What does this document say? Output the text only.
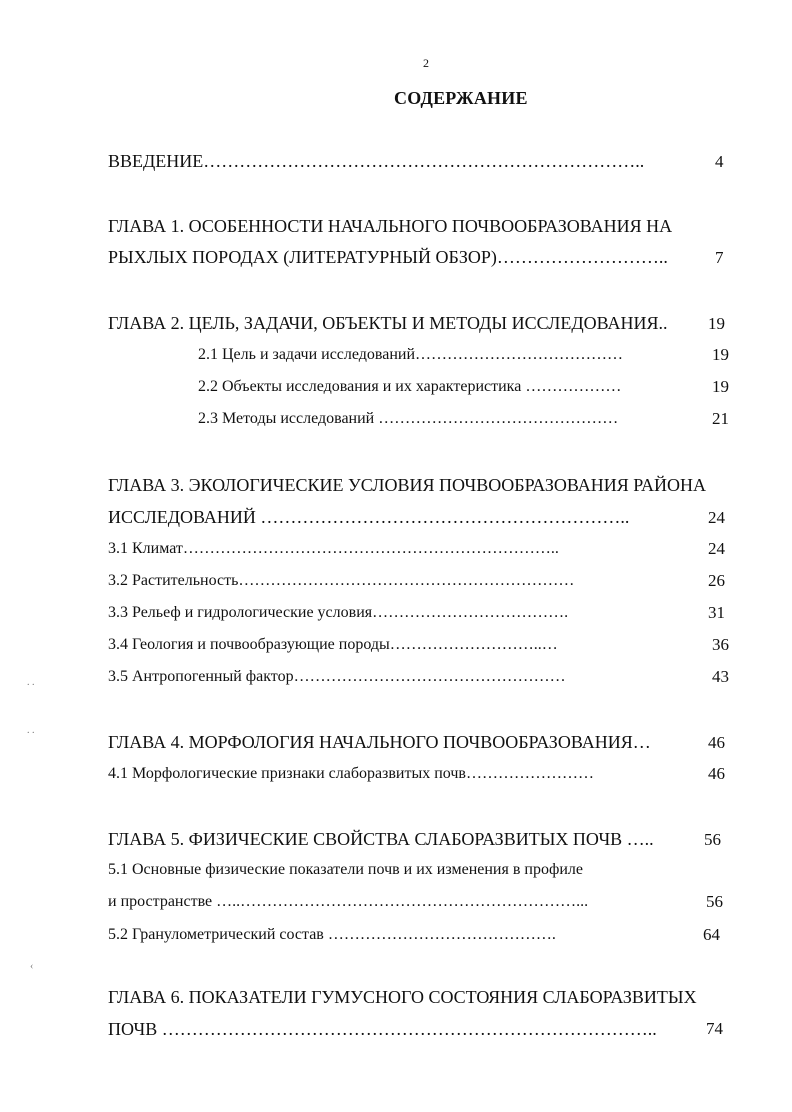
2
СОДЕРЖАНИЕ
ВВЕДЕНИЕ………………………………………………………………..	4
ГЛАВА 1. ОСОБЕННОСТИ НАЧАЛЬНОГО ПОЧВООБРАЗОВАНИЯ НА
РЫХЛЫХ ПОРОДАХ (ЛИТЕРАТУРНЫЙ ОБЗОР)………………………..	7
ГЛАВА 2. ЦЕЛЬ, ЗАДАЧИ, ОБЪЕКТЫ И МЕТОДЫ ИССЛЕДОВАНИЯ.. 19
2.1 Цель и задачи исследований…………………………………	19
2.2 Объекты исследования и их характеристика ………………	19
2.3 Методы исследований ………………………………………	21
ГЛАВА 3. ЭКОЛОГИЧЕСКИЕ УСЛОВИЯ ПОЧВООБРАЗОВАНИЯ РАЙОНА
ИССЛЕДОВАНИЙ ……………………………………………………..	24
3.1 Климат……………………………………………………………..	24
3.2 Растительность………………………………………………………	26
3.3 Рельеф и гидрологические условия……………………………….	31
3.4 Геология и почвообразующие породы………………………..…	36
3.5 Антропогенный фактор……………………………………………	43
ГЛАВА 4. МОРФОЛОГИЯ НАЧАЛЬНОГО ПОЧВООБРАЗОВАНИЯ…	46
4.1 Морфологические признаки слаборазвитых почв……………………	46
ГЛАВА 5. ФИЗИЧЕСКИЕ СВОЙСТВА СЛАБОРАЗВИТЫХ ПОЧВ …..	56
5.1 Основные физические показатели почв и их изменения в профиле
и пространстве …..………………………………………………………...	56
5.2 Гранулометрический состав …………………………………….	64
ГЛАВА 6. ПОКАЗАТЕЛИ ГУМУСНОГО СОСТОЯНИЯ СЛАБОРАЗВИТЫХ
ПОЧВ ………………………………………………………………………..	74
. .
. .
‹
